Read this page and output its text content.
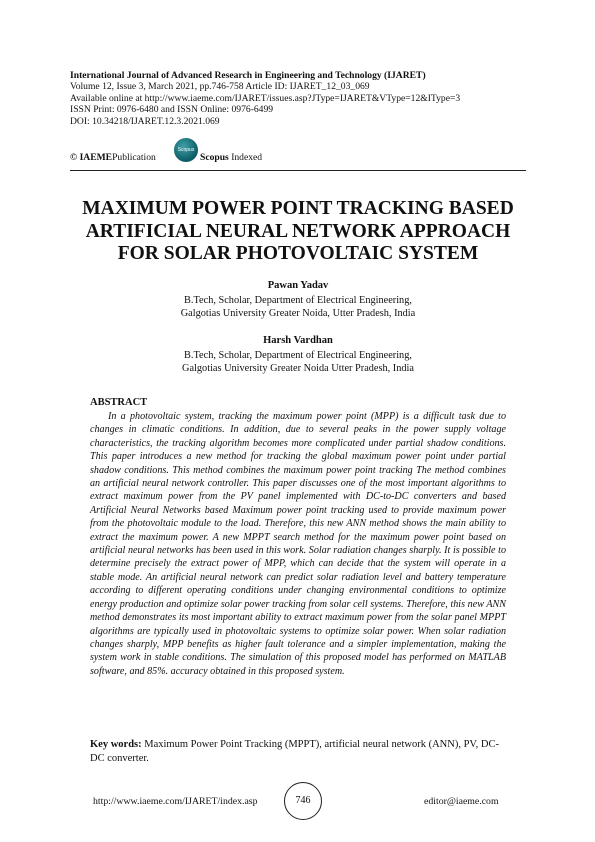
International Journal of Advanced Research in Engineering and Technology (IJARET)
Volume 12, Issue 3, March 2021, pp.746-758 Article ID: IJARET_12_03_069
Available online at http://www.iaeme.com/IJARET/issues.asp?JType=IJARET&VType=12&IType=3
ISSN Print: 0976-6480 and ISSN Online: 0976-6499
DOI: 10.34218/IJARET.12.3.2021.069
© IAEME Publication
Scopus
Scopus Indexed
MAXIMUM POWER POINT TRACKING BASED
ARTIFICIAL NEURAL NETWORK APPROACH
FOR SOLAR PHOTOVOLTAIC SYSTEM
Pawan Yadav
B.Tech, Scholar, Department of Electrical Engineering,
Galgotias University Greater Noida, Utter Pradesh, India
Harsh Vardhan
B.Tech, Scholar, Department of Electrical Engineering,
Galgotias University Greater Noida Utter Pradesh, India
ABSTRACT

In a photovoltaic system, tracking the maximum power point (MPP) is a difficult task due to changes in climatic conditions. In addition, due to several peaks in the power supply voltage characteristics, the tracking algorithm becomes more complicated under partial shadow conditions. This paper introduces a new method for tracking the global maximum power point under partial shadow conditions. This method combines the maximum power point tracking The method combines an artificial neural network controller. This paper discusses one of the most important algorithms to extract maximum power from the PV panel implemented with DC-to-DC converters and based Artificial Neural Networks based Maximum power point tracking used to provide maximum power from the photovoltaic module to the load. Therefore, this new ANN method shows the main ability to extract the maximum power. A new MPPT search method for the maximum power point based on artificial neural networks has been used in this work. Solar radiation changes sharply. It is possible to determine precisely the extract power of MPP, which can decide that the system will operate in a stable mode. An artificial neural network can predict solar radiation level and battery temperature according to different operating conditions under changing environmental conditions to optimize energy production and optimize solar power tracking from solar cell systems. Therefore, this new ANN method demonstrates its most important ability to extract maximum power from the solar panel MPPT algorithms are typically used in photovoltaic systems to optimize solar power. When solar radiation changes sharply, MPP benefits as higher fault tolerance and a simpler implementation, making the system work in stable conditions. The simulation of this proposed model has performed on MATLAB software, and 85%. accuracy obtained in this proposed system.

Key words: Maximum Power Point Tracking (MPPT), artificial neural network (ANN), PV, DC-DC converter.
http://www.iaeme.com/IJARET/index.asp	746	editor@iaeme.com
